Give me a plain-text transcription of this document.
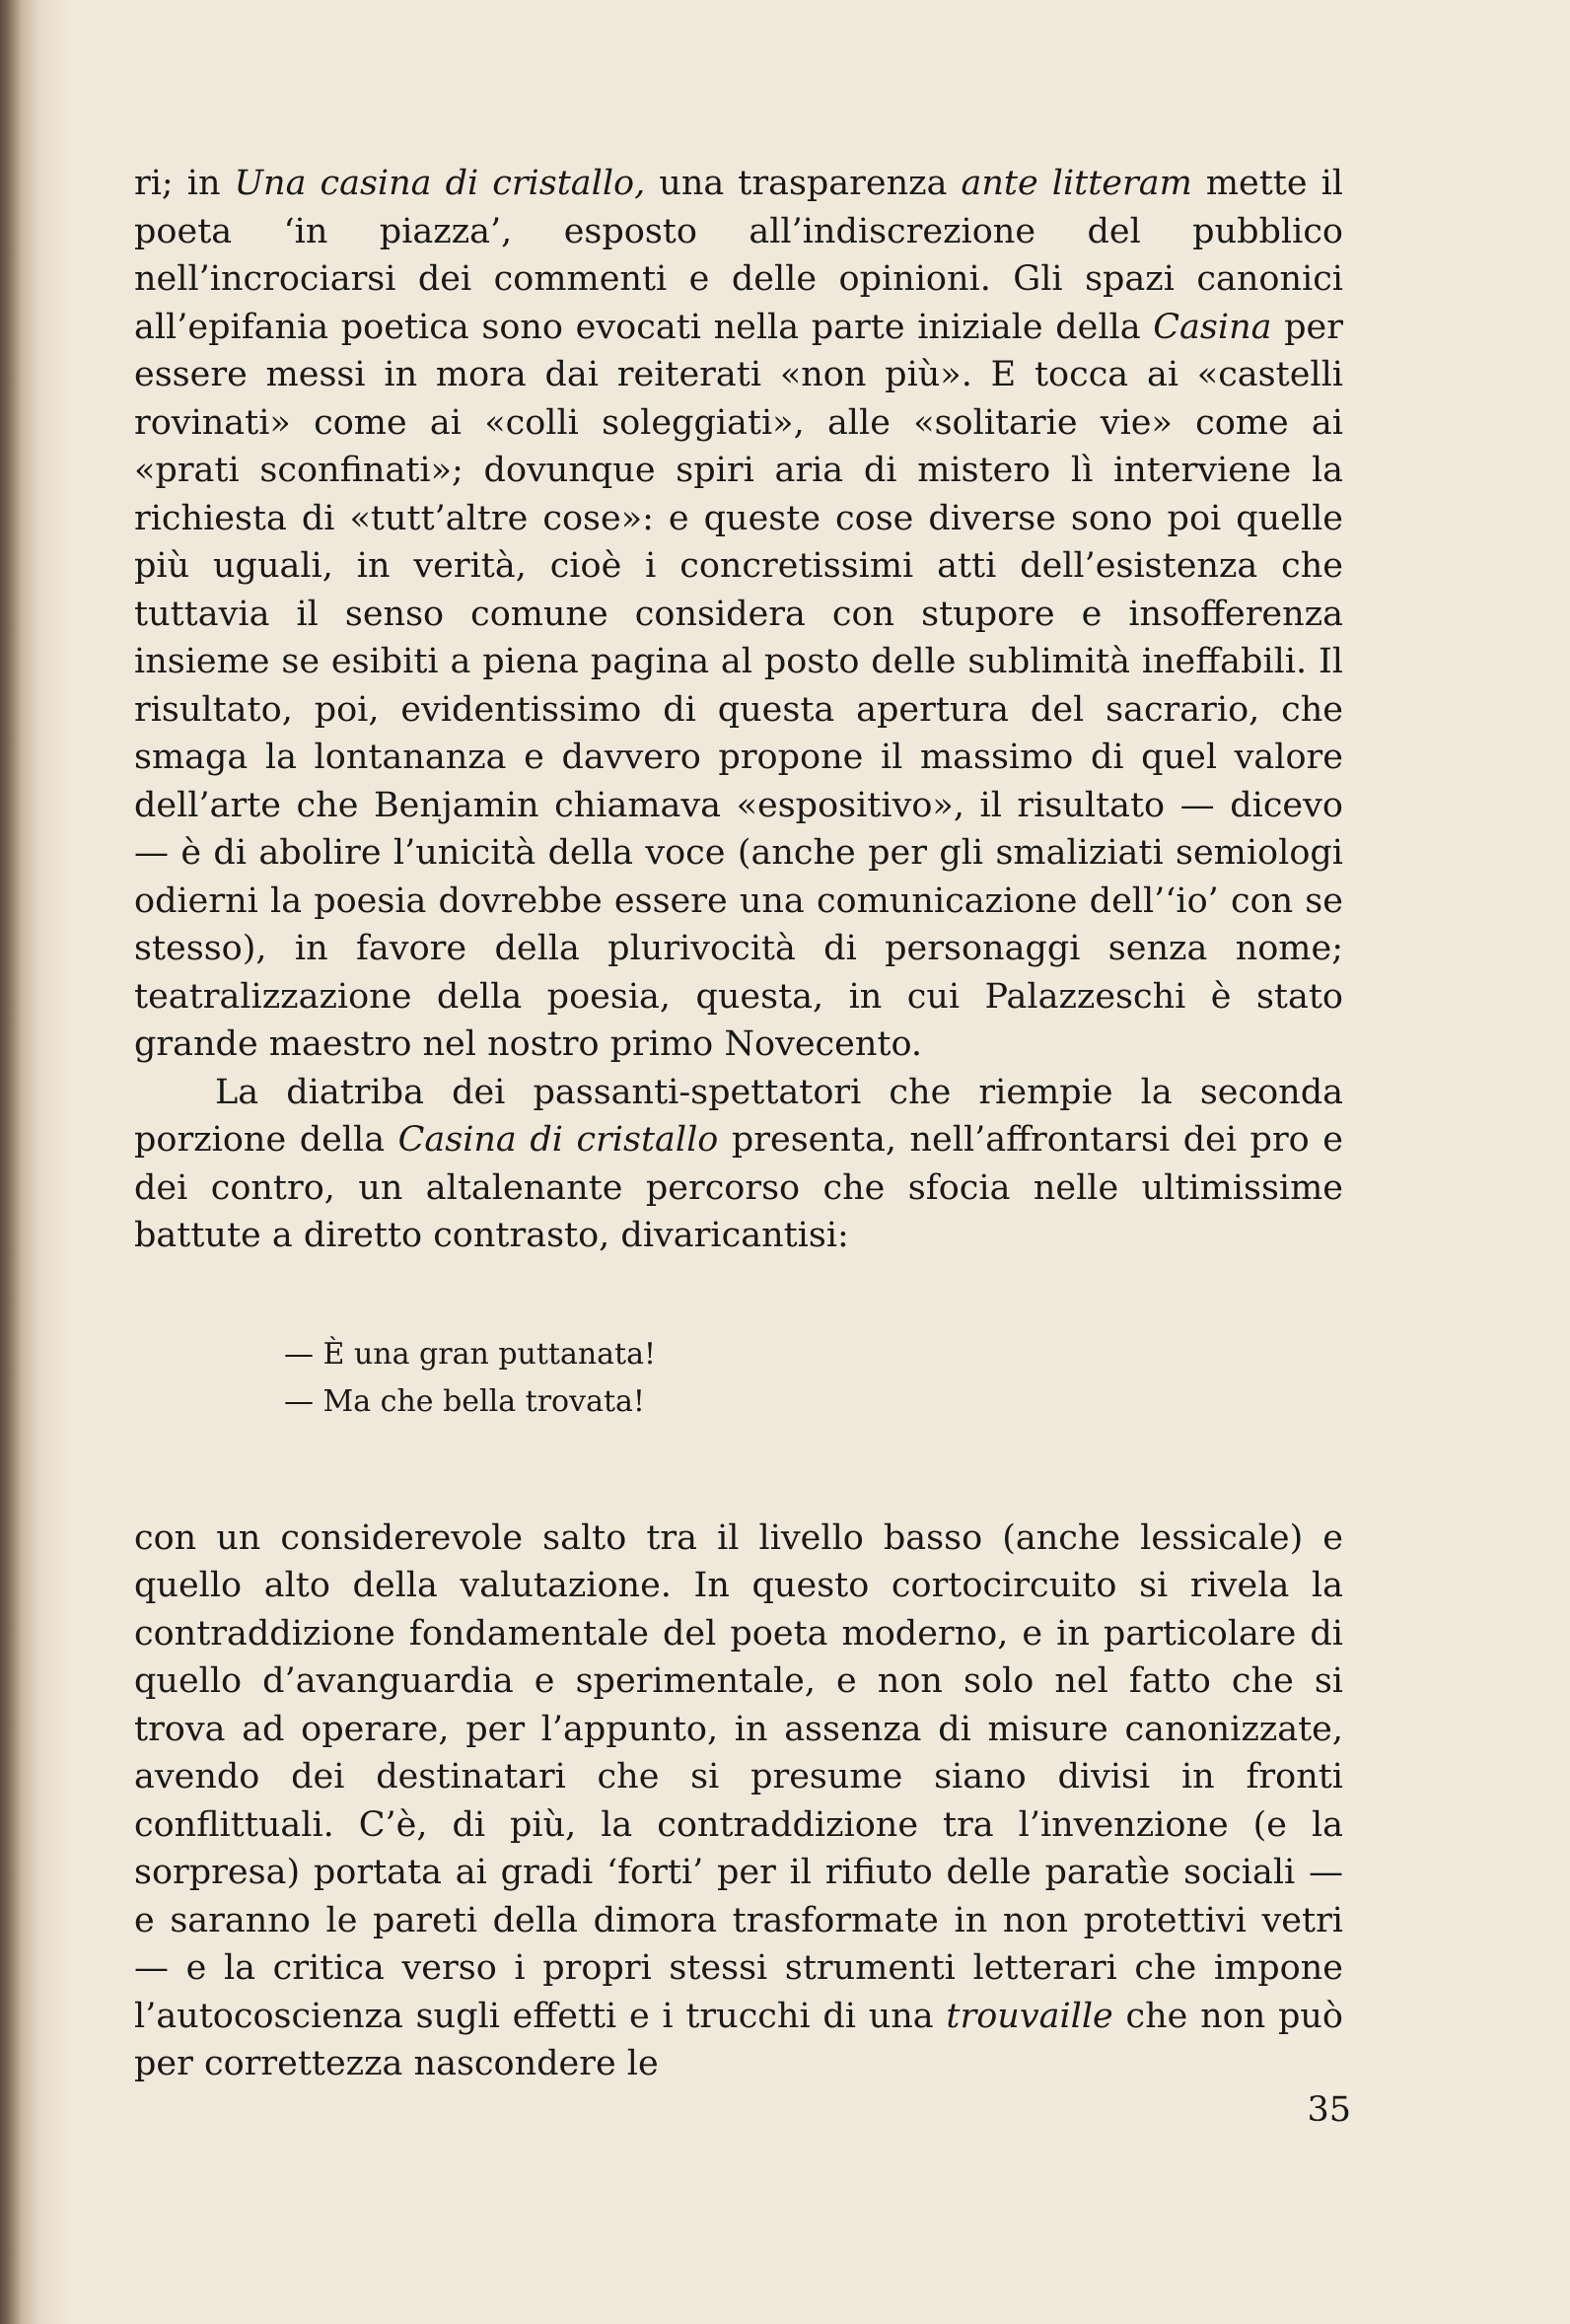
ri; in Una casina di cristallo, una trasparenza ante litteram mette il poeta ‘in piazza’, esposto all’indiscrezione del pubblico nell’incrociarsi dei commenti e delle opinioni. Gli spazi canonici all’epifania poetica sono evocati nella parte iniziale della Casina per essere messi in mora dai reiterati «non più». E tocca ai «castelli rovinati» come ai «colli soleggiati», alle «solitarie vie» come ai «prati sconfinati»; dovunque spiri aria di mistero lì interviene la richiesta di «tutt’altre cose»: e queste cose diverse sono poi quelle più uguali, in verità, cioè i concretissimi atti dell’esistenza che tuttavia il senso comune considera con stupore e insofferenza insieme se esibiti a piena pagina al posto delle sublimità ineffabili. Il risultato, poi, evidentissimo di questa apertura del sacrario, che smaga la lontananza e davvero propone il massimo di quel valore dell’arte che Benjamin chiamava «espositivo», il risultato — dicevo — è di abolire l’unicità della voce (anche per gli smaliziati semiologi odierni la poesia dovrebbe essere una comunicazione dell’‘io’ con se stesso), in favore della plurivocità di personaggi senza nome; teatralizzazione della poesia, questa, in cui Palazzeschi è stato grande maestro nel nostro primo Novecento.

La diatriba dei passanti-spettatori che riempie la seconda porzione della Casina di cristallo presenta, nell’affrontarsi dei pro e dei contro, un altalenante percorso che sfocia nelle ultimissime battute a diretto contrasto, divaricantisi:

— È una gran puttanata!
— Ma che bella trovata!

con un considerevole salto tra il livello basso (anche lessicale) e quello alto della valutazione. In questo cortocircuito si rivela la contraddizione fondamentale del poeta moderno, e in particolare di quello d’avanguardia e sperimentale, e non solo nel fatto che si trova ad operare, per l’appunto, in assenza di misure canonizzate, avendo dei destinatari che si presume siano divisi in fronti conflittuali. C’è, di più, la contraddizione tra l’invenzione (e la sorpresa) portata ai gradi ‘forti’ per il rifiuto delle paratìe sociali — e saranno le pareti della dimora trasformate in non protettivi vetri — e la critica verso i propri stessi strumenti letterari che impone l’autocoscienza sugli effetti e i trucchi di una trouvaille che non può per correttezza nascondere le

35
